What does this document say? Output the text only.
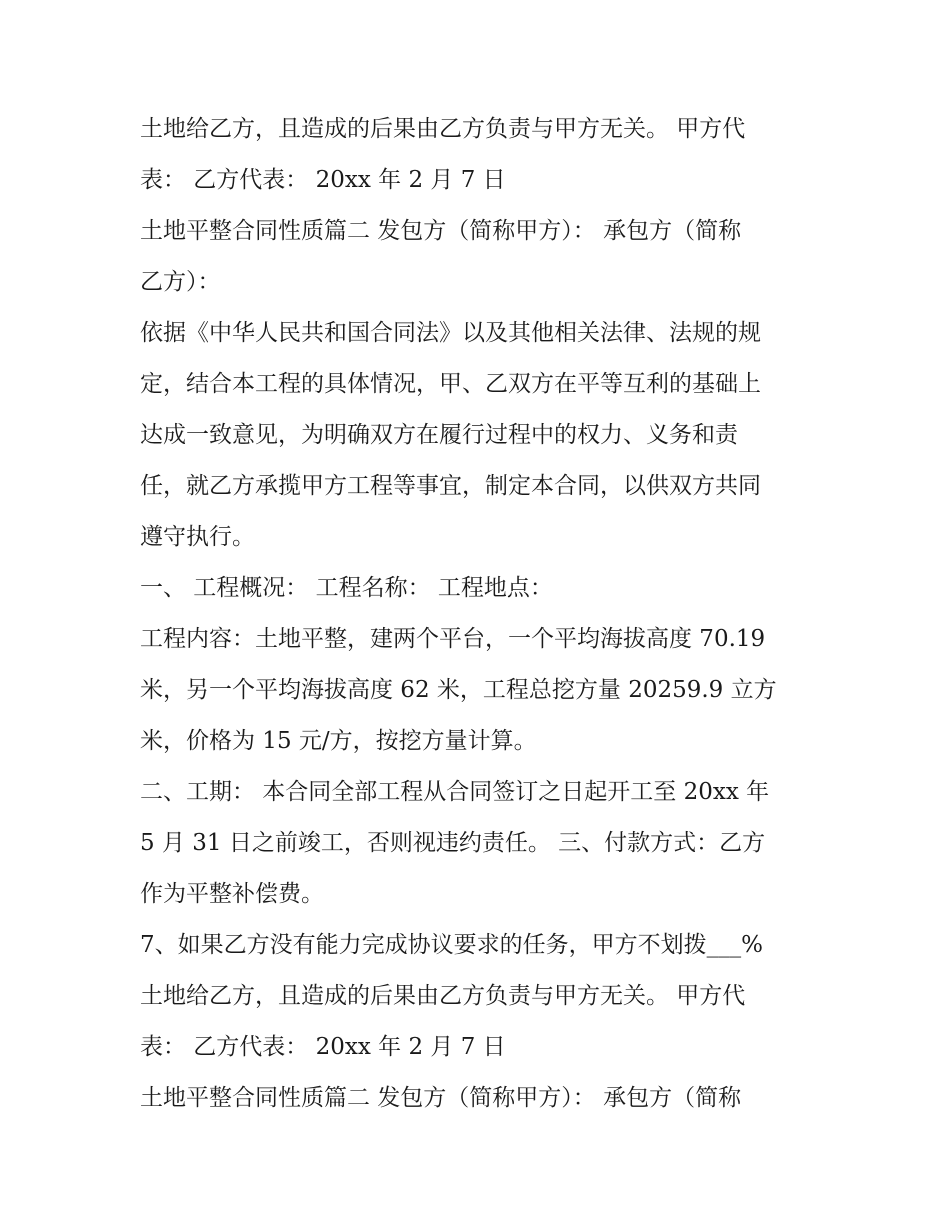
土地给乙方，且造成的后果由乙方负责与甲方无关。 甲方代
表： 乙方代表： 20xx 年 2 月 7 日
土地平整合同性质篇二 发包方（简称甲方）： 承包方（简称
乙方）：
依据《中华人民共和国合同法》以及其他相关法律、法规的规
定，结合本工程的具体情况，甲、乙双方在平等互利的基础上
达成一致意见，为明确双方在履行过程中的权力、义务和责
任，就乙方承揽甲方工程等事宜，制定本合同，以供双方共同
遵守执行。
一、 工程概况： 工程名称： 工程地点：
工程内容：土地平整，建两个平台，一个平均海拔高度 70.19
米，另一个平均海拔高度 62 米，工程总挖方量 20259.9 立方
米，价格为 15 元/方，按挖方量计算。
二、工期： 本合同全部工程从合同签订之日起开工至 20xx 年
5 月 31 日之前竣工，否则视违约责任。 三、付款方式：乙方
作为平整补偿费。
7、如果乙方没有能力完成协议要求的任务，甲方不划拨___%
土地给乙方，且造成的后果由乙方负责与甲方无关。 甲方代
表： 乙方代表： 20xx 年 2 月 7 日
土地平整合同性质篇二 发包方（简称甲方）： 承包方（简称
